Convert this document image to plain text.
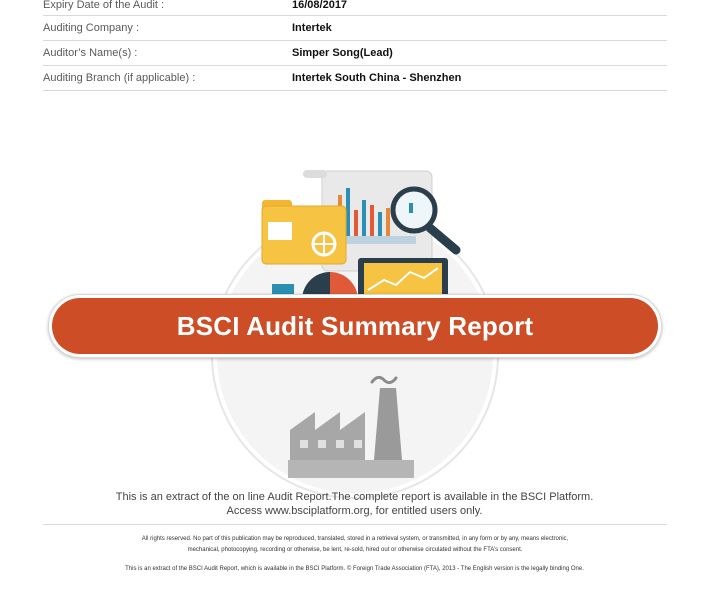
Expiry Date of the Audit :	16/08/2017
Auditing Company :	Intertek
Auditor’s Name(s) :	Simper Song(Lead)
Auditing Branch (if applicable) :	Intertek South China - Shenzhen
BSCI Audit Summary Report
This is an extract of the on line Audit Report.The complete report is available in the BSCI Platform.
Access www.bsciplatform.org, for entitled users only.
All rights reserved. No part of this publication may be reproduced, translated, stored in a retrieval system, or transmitted, in any form or by any, means electronic,
mechanical, photocopying, recording or otherwise, be lent, re-sold, hired out or otherwise circulated without the FTA’s consent.
This is an extract of the BSCI Audit Report, which is available in the BSCI Platform. © Foreign Trade Association (FTA), 2013 - The English version is the legally binding One.
